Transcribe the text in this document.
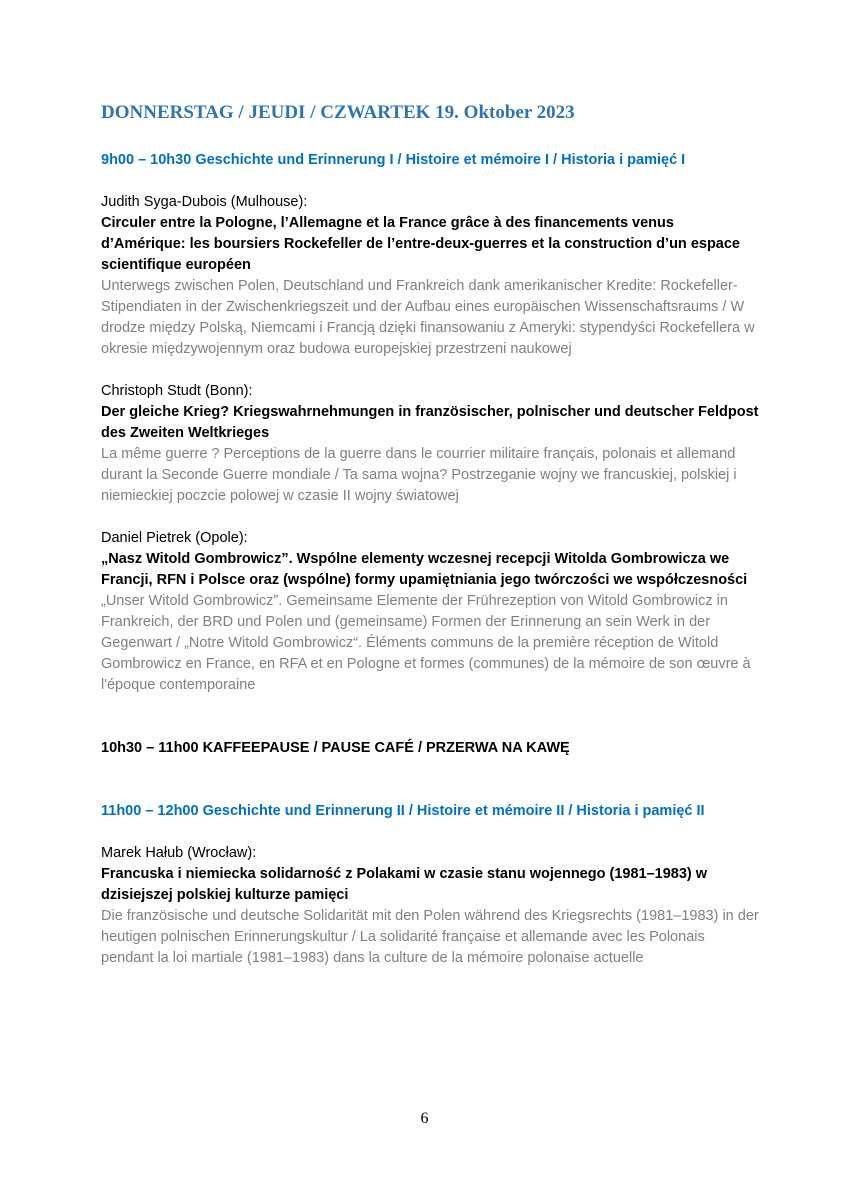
DONNERSTAG / JEUDI / CZWARTEK 19. Oktober 2023
9h00 – 10h30 Geschichte und Erinnerung I / Histoire et mémoire I / Historia i pamięć I
Judith Syga-Dubois (Mulhouse):
Circuler entre la Pologne, l’Allemagne et la France grâce à des financements venus d’Amérique: les boursiers Rockefeller de l’entre-deux-guerres et la construction d’un espace scientifique européen
Unterwegs zwischen Polen, Deutschland und Frankreich dank amerikanischer Kredite: Rockefeller-Stipendiaten in der Zwischenkriegszeit und der Aufbau eines europäischen Wissenschaftsraums / W drodze między Polską, Niemcami i Francją dzięki finansowaniu z Ameryki: stypendyści Rockefellera w okresie międzywojennym oraz budowa europejskiej przestrzeni naukowej
Christoph Studt (Bonn):
Der gleiche Krieg? Kriegswahrnehmungen in französischer, polnischer und deutscher Feldpost des Zweiten Weltkrieges
La même guerre ? Perceptions de la guerre dans le courrier militaire français, polonais et allemand durant la Seconde Guerre mondiale / Ta sama wojna? Postrzeganie wojny we francuskiej, polskiej i niemieckiej poczcie polowej w czasie II wojny światowej
Daniel Pietrek (Opole):
„Nasz Witold Gombrowicz”. Wspólne elementy wczesnej recepcji Witolda Gombrowicza we Francji, RFN i Polsce oraz (wspólne) formy upamiętniania jego twórczości we współczesności
„Unser Witold Gombrowicz”. Gemeinsame Elemente der Frührezeption von Witold Gombrowicz in Frankreich, der BRD und Polen und (gemeinsame) Formen der Erinnerung an sein Werk in der Gegenwart / „Notre Witold Gombrowicz“. Éléments communs de la première réception de Witold Gombrowicz en France, en RFA et en Pologne et formes (communes) de la mémoire de son œuvre à l'époque contemporaine
10h30 – 11h00 KAFFEEPAUSE / PAUSE CAFÉ / PRZERWA NA KAWĘ
11h00 – 12h00 Geschichte und Erinnerung II / Histoire et mémoire II / Historia i pamięć II
Marek Hałub (Wrocław):
Francuska i niemiecka solidarność z Polakami w czasie stanu wojennego (1981–1983) w dzisiejszej polskiej kulturze pamięci
Die französische und deutsche Solidarität mit den Polen während des Kriegsrechts (1981–1983) in der heutigen polnischen Erinnerungskultur / La solidarité française et allemande avec les Polonais pendant la loi martiale (1981–1983) dans la culture de la mémoire polonaise actuelle
6
